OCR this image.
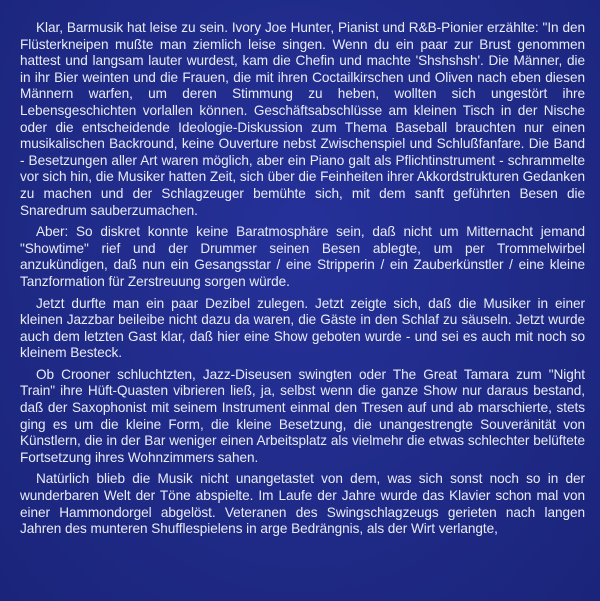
Klar, Barmusik hat leise zu sein. Ivory Joe Hunter, Pianist und R&B-Pionier erzählte: "In den Flüsterkneipen mußte man ziemlich leise singen. Wenn du ein paar zur Brust genommen hattest und langsam lauter wurdest, kam die Chefin und machte 'Shshshsh'. Die Männer, die in ihr Bier weinten und die Frauen, die mit ihren Coctailkirschen und Oliven nach eben diesen Männern warfen, um deren Stimmung zu heben, wollten sich ungestört ihre Lebensgeschichten vorlallen können. Geschäftsabschlüsse am kleinen Tisch in der Nische oder die entscheidende Ideologie-Diskussion zum Thema Baseball brauchten nur einen musikalischen Backround, keine Ouverture nebst Zwischenspiel und Schlußfanfare. Die Band - Besetzungen aller Art waren möglich, aber ein Piano galt als Pflichtinstrument - schrammelte vor sich hin, die Musiker hatten Zeit, sich über die Feinheiten ihrer Akkordstrukturen Gedanken zu machen und der Schlagzeuger bemühte sich, mit dem sanft geführten Besen die Snaredrum sauberzumachen.

Aber: So diskret konnte keine Baratmosphäre sein, daß nicht um Mitternacht jemand "Showtime" rief und der Drummer seinen Besen ablegte, um per Trommelwirbel anzukündigen, daß nun ein Gesangsstar / eine Stripperin / ein Zauberkünstler / eine kleine Tanzformation für Zerstreuung sorgen würde.

Jetzt durfte man ein paar Dezibel zulegen. Jetzt zeigte sich, daß die Musiker in einer kleinen Jazzbar beileibe nicht dazu da waren, die Gäste in den Schlaf zu säuseln. Jetzt wurde auch dem letzten Gast klar, daß hier eine Show geboten wurde - und sei es auch mit noch so kleinem Besteck.

Ob Crooner schluchtzten, Jazz-Diseusen swingten oder The Great Tamara zum "Night Train" ihre Hüft-Quasten vibrieren ließ, ja, selbst wenn die ganze Show nur daraus bestand, daß der Saxophonist mit seinem Instrument einmal den Tresen auf und ab marschierte, stets ging es um die kleine Form, die kleine Besetzung, die unangestrengte Souveränität von Künstlern, die in der Bar weniger einen Arbeitsplatz als vielmehr die etwas schlechter belüftete Fortsetzung ihres Wohnzimmers sahen.

Natürlich blieb die Musik nicht unangetastet von dem, was sich sonst noch so in der wunderbaren Welt der Töne abspielte. Im Laufe der Jahre wurde das Klavier schon mal von einer Hammondorgel abgelöst. Veteranen des Swingschlagzeugs gerieten nach langen Jahren des munteren Shufflespielens in arge Bedrängnis, als der Wirt verlangte,
